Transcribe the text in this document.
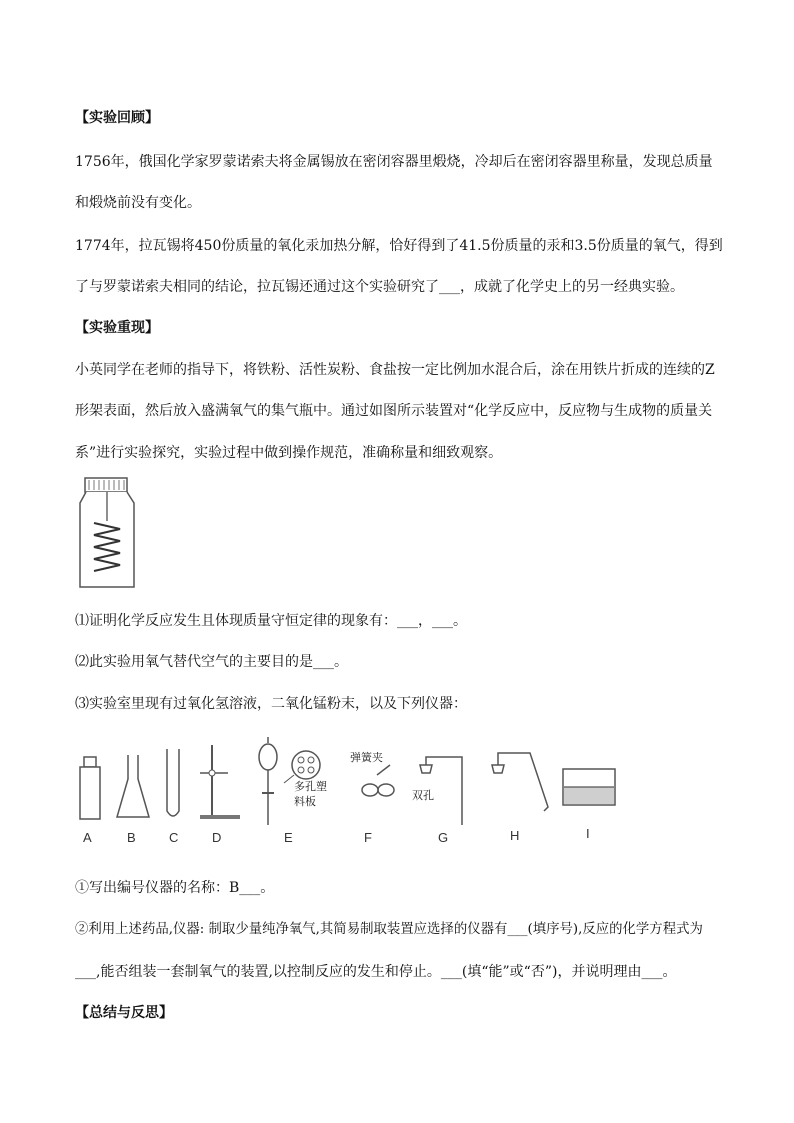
【实验回顾】
1756年，俄国化学家罗蒙诺索夫将金属锡放在密闭容器里煅烧，冷却后在密闭容器里称量，发现总质量
和煅烧前没有变化。
1774年，拉瓦锡将450份质量的氧化汞加热分解，恰好得到了41.5份质量的汞和3.5份质量的氧气，得到
了与罗蒙诺索夫相同的结论，拉瓦锡还通过这个实验研究了___，成就了化学史上的另一经典实验。
【实验重现】
小英同学在老师的指导下，将铁粉、活性炭粉、食盐按一定比例加水混合后，涂在用铁片折成的连续的Z
形架表面，然后放入盛满氧气的集气瓶中。通过如图所示装置对“化学反应中，反应物与生成物的质量关
系”进行实验探究，实验过程中做到操作规范，准确称量和细致观察。
⑴证明化学反应发生且体现质量守恒定律的现象有：___，___。
⑵此实验用氧气替代空气的主要目的是___。
⑶实验室里现有过氧化氢溶液，二氧化锰粉末，以及下列仪器：
多孔塑
料板
弹簧夹
双孔
A	B	C	D	E	F	G	H	I
①写出编号仪器的名称：B___。
②利用上述药品,仪器: 制取少量纯净氧气,其简易制取装置应选择的仪器有___(填序号),反应的化学方程式为
___,能否组装一套制氧气的装置,以控制反应的发生和停止。___(填“能”或“否”)，并说明理由___。
【总结与反思】
